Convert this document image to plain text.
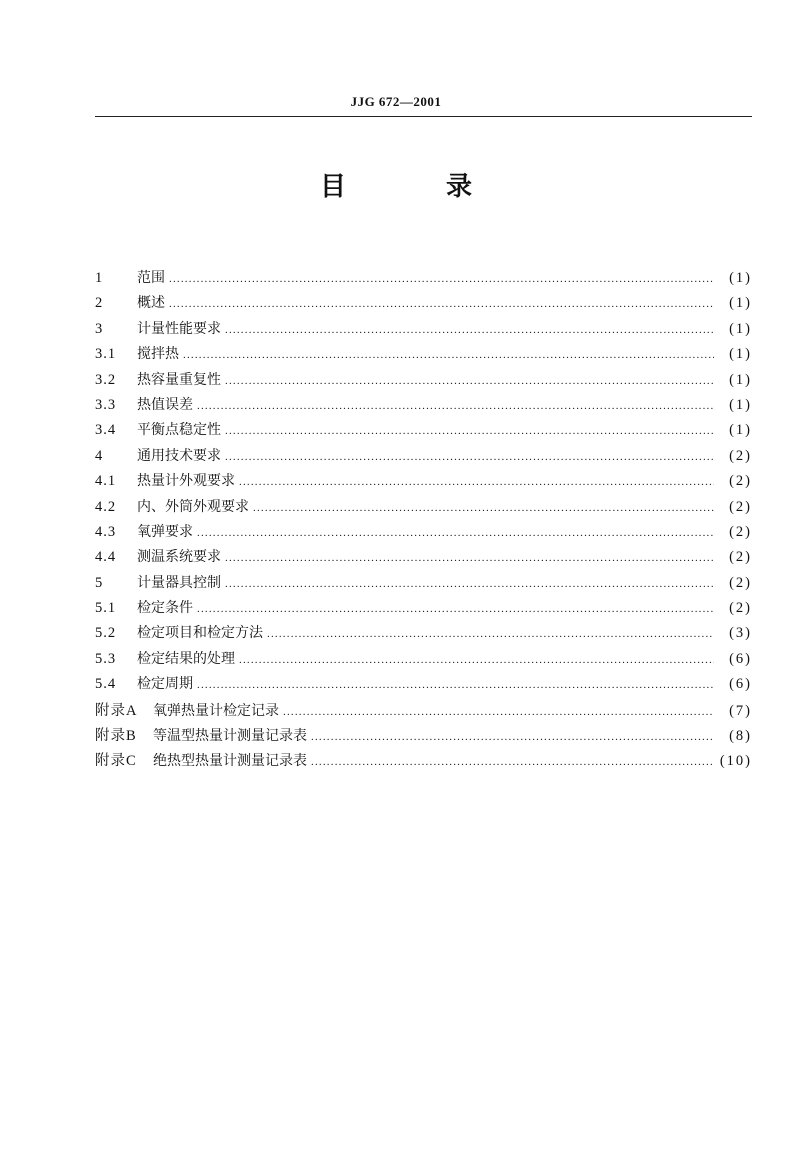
JJG 672—2001
目	录
1	范围 .....	(1)
2	概述 .....	(1)
3	计量性能要求 .....	(1)
3.1	搅拌热 .....	(1)
3.2	热容量重复性 .....	(1)
3.3	热值误差 .....	(1)
3.4	平衡点稳定性 .....	(1)
4	通用技术要求 .....	(2)
4.1	热量计外观要求 .....	(2)
4.2	内、外筒外观要求 .....	(2)
4.3	氧弹要求 .....	(2)
4.4	测温系统要求 .....	(2)
5	计量器具控制 .....	(2)
5.1	检定条件 .....	(2)
5.2	检定项目和检定方法 .....	(3)
5.3	检定结果的处理 .....	(6)
5.4	检定周期 .....	(6)
附录A	氧弹热量计检定记录 .....	(7)
附录B	等温型热量计测量记录表 .....	(8)
附录C	绝热型热量计测量记录表 .....	(10)
